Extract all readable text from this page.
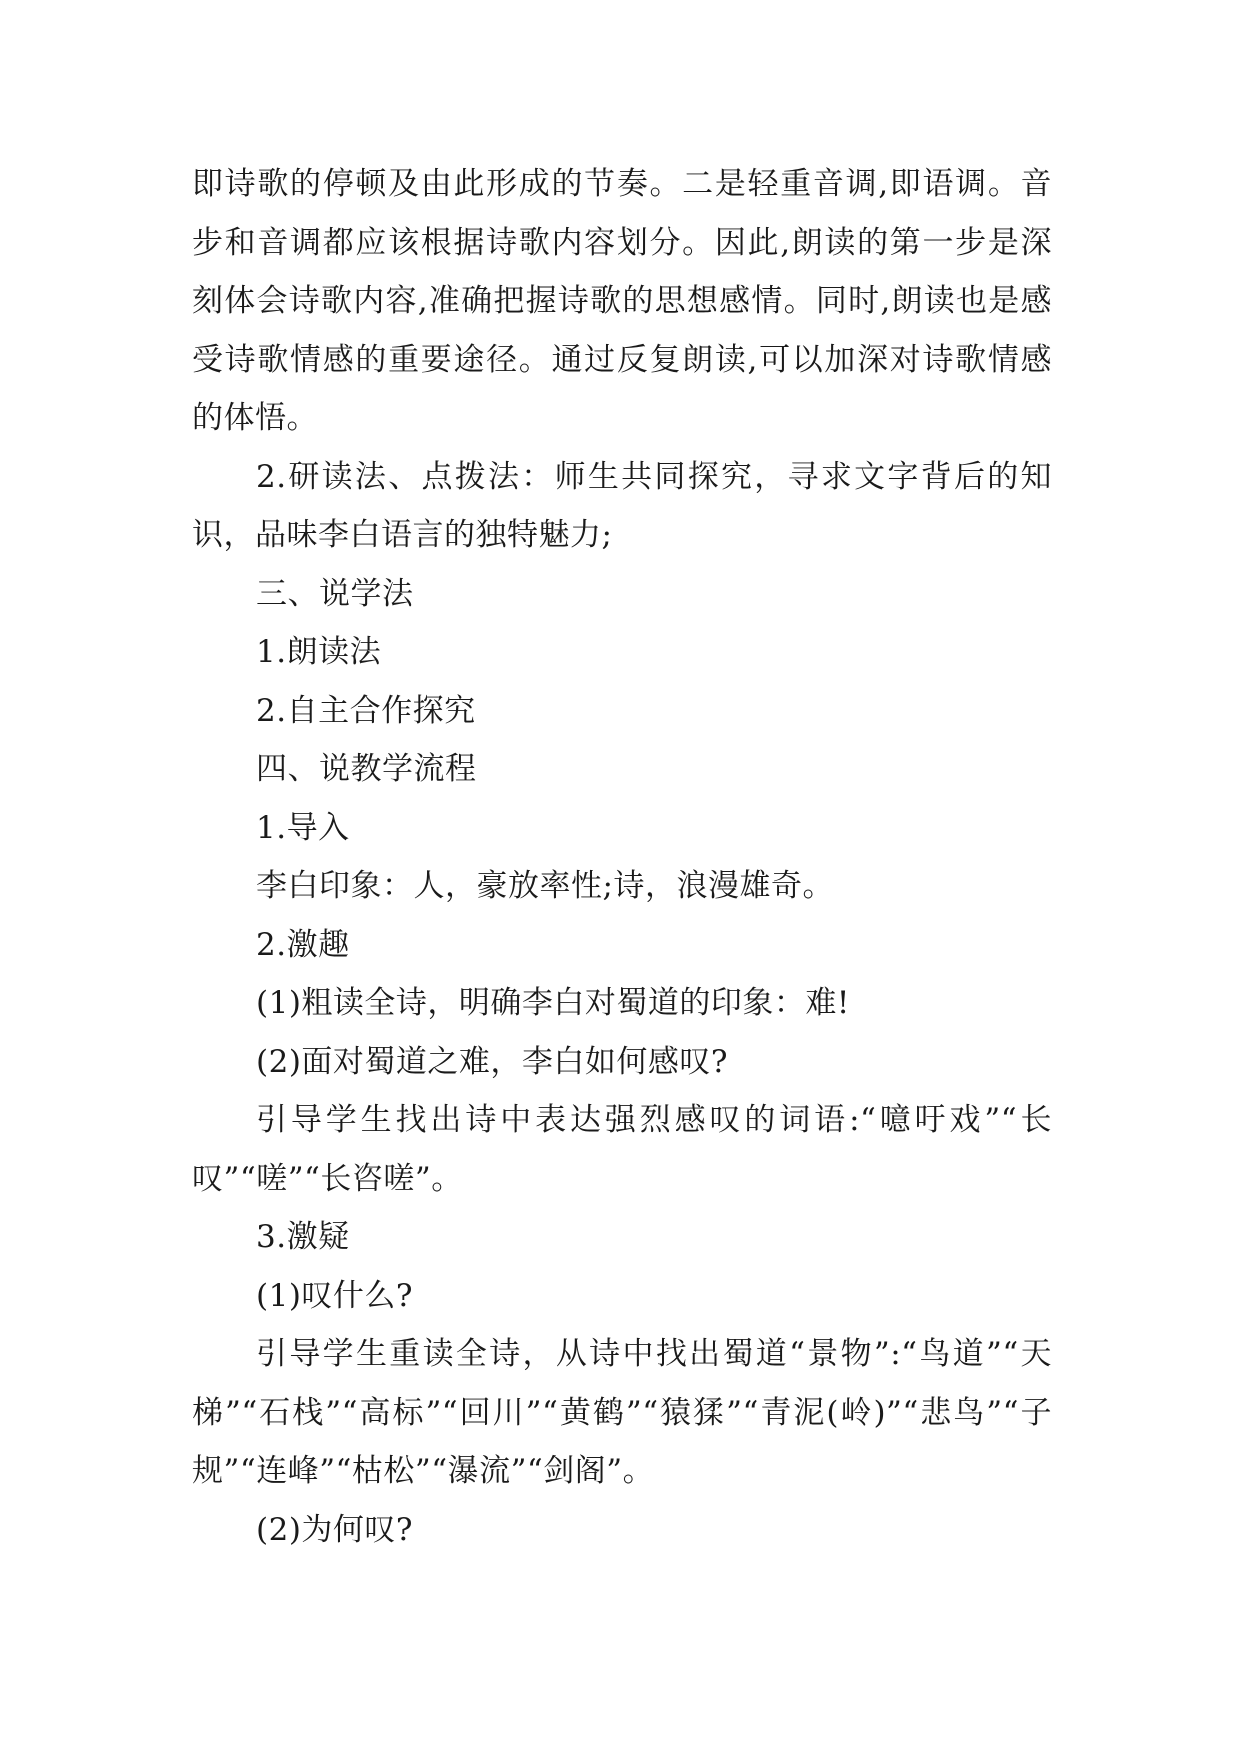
即诗歌的停顿及由此形成的节奏。二是轻重音调,即语调。音步和音调都应该根据诗歌内容划分。因此,朗读的第一步是深刻体会诗歌内容,准确把握诗歌的思想感情。同时,朗读也是感受诗歌情感的重要途径。通过反复朗读,可以加深对诗歌情感的体悟。

2.研读法、点拨法：师生共同探究，寻求文字背后的知识，品味李白语言的独特魅力;

三、说学法

1.朗读法

2.自主合作探究

四、说教学流程

1.导入

李白印象：人，豪放率性;诗，浪漫雄奇。

2.激趣

(1)粗读全诗，明确李白对蜀道的印象：难!

(2)面对蜀道之难，李白如何感叹?

引导学生找出诗中表达强烈感叹的词语:“噫吁戏”“长叹”“嗟”“长咨嗟”。

3.激疑

(1)叹什么?

引导学生重读全诗，从诗中找出蜀道“景物”:“鸟道”“天梯”“石栈”“高标”“回川”“黄鹤”“猿猱”“青泥(岭)”“悲鸟”“子规”“连峰”“枯松”“瀑流”“剑阁”。

(2)为何叹?
